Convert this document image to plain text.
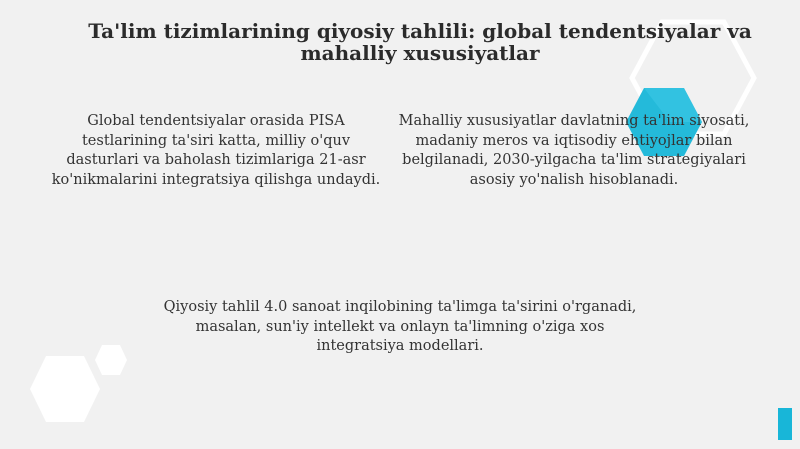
Ta'lim tizimlarining qiyosiy tahlili: global tendentsiyalar va mahalliy xususiyatlar

Global tendentsiyalar orasida PISA testlarining ta'siri katta, milliy o'quv dasturlari va baholash tizimlariga 21-asr ko'nikmalarini integratsiya qilishga undaydi.

Mahalliy xususiyatlar davlatning ta'lim siyosati, madaniy meros va iqtisodiy ehtiyojlar bilan belgilanadi, 2030-yilgacha ta'lim strategiyalari asosiy yo'nalish hisoblanadi.

Qiyosiy tahlil 4.0 sanoat inqilobining ta'limga ta'sirini o'rganadi, masalan, sun'iy intellekt va onlayn ta'limning o'ziga xos integratsiya modellari.
